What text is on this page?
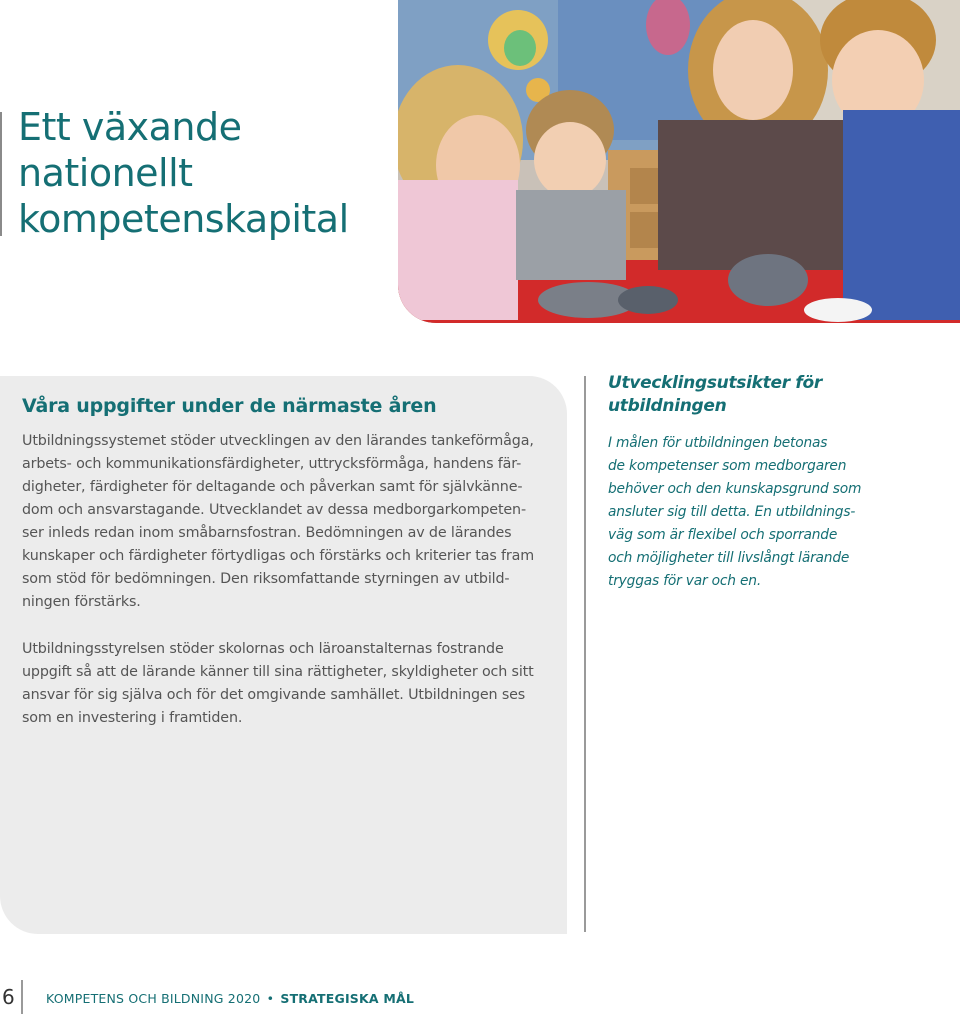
Ett växande
nationellt
kompetenskapital
Våra uppgifter under de närmaste åren

Utbildningssystemet stöder utvecklingen av den lärandes tankeförmåga,
arbets- och kommunikationsfärdigheter, uttrycksförmåga, handens fär-
digheter, färdigheter för deltagande och påverkan samt för självkänne-
dom och ansvarstagande. Utvecklandet av dessa medborgarkompeten-
ser inleds redan inom småbarnsfostran. Bedömningen av de lärandes
kunskaper och färdigheter förtydligas och förstärks och kriterier tas fram
som stöd för bedömningen. Den riksomfattande styrningen av utbild-
ningen förstärks.

Utbildningsstyrelsen stöder skolornas och läroanstalternas fostrande
uppgift så att de lärande känner till sina rättigheter, skyldigheter och sitt
ansvar för sig själva och för det omgivande samhället. Utbildningen ses
som en investering i framtiden.

Utvecklingsutsikter för
utbildningen

I målen för utbildningen betonas
de kompetenser som medborgaren
behöver och den kunskapsgrund som
ansluter sig till detta. En utbildnings-
väg som är flexibel och sporrande
och möjligheter till livslångt lärande
tryggas för var och en.

6	KOMPETENS OCH BILDNING 2020 • STRATEGISKA MÅL
